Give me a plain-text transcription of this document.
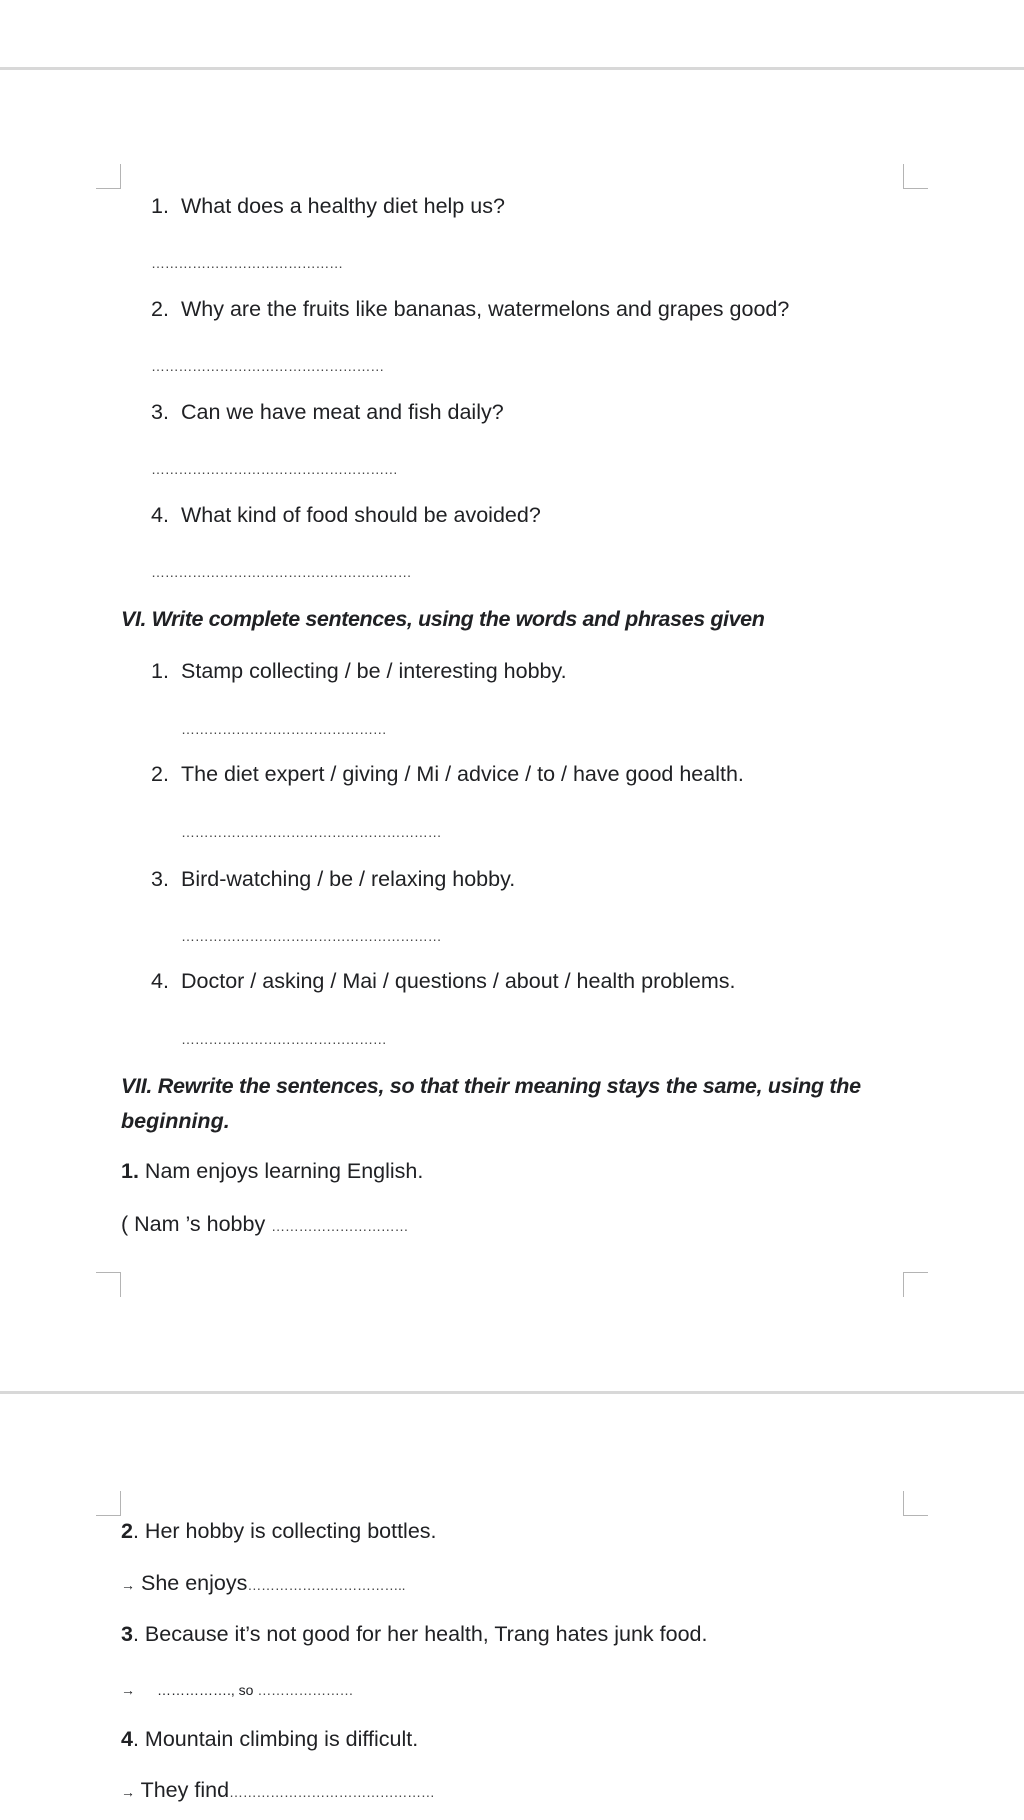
1. What does a healthy diet help us?
……………………………………
2. Why are the fruits like bananas, watermelons and grapes good?
……………………………………………
3. Can we have meat and fish daily?
………………………………………………
4. What kind of food should be avoided?
…………………………………………………
VI. Write complete sentences, using the words and phrases given
1. Stamp collecting / be / interesting hobby.
………………………………………
2. The diet expert / giving / Mi / advice / to / have good health.
…………………………………………………
3. Bird-watching / be / relaxing hobby.
…………………………………………………
4. Doctor / asking / Mai / questions / about / health problems.
………………………………………
VII. Rewrite the sentences, so that their meaning stays the same, using the
beginning.
1. Nam enjoys learning English.
( Nam ’s hobby …………………………
2. Her hobby is collecting bottles.
→ She enjoys……………………………..
3. Because it’s not good for her health, Trang hates junk food.
→ ……………., so …………………
4. Mountain climbing is difficult.
→ They find………………………………………
